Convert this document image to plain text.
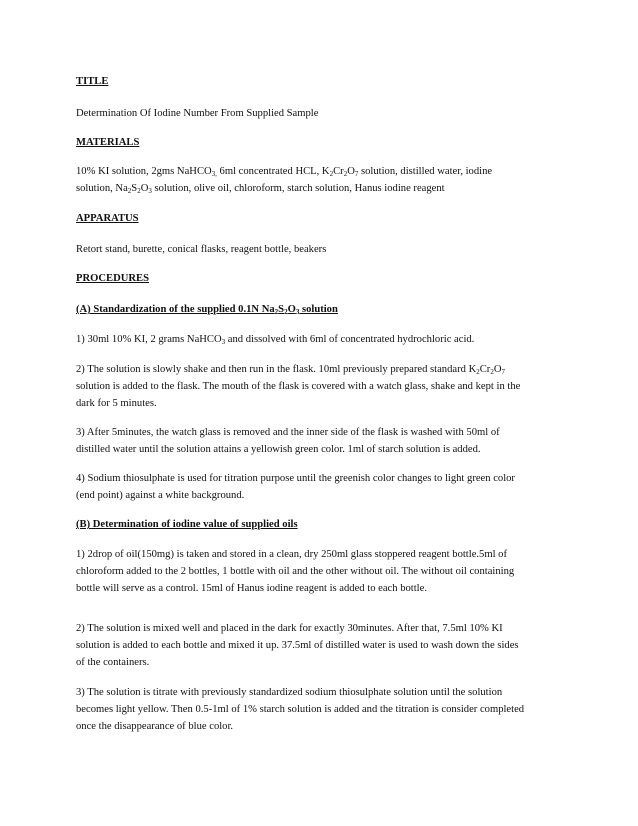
TITLE
Determination Of Iodine Number From Supplied Sample
MATERIALS
10% KI solution, 2gms NaHCO$_{3,}$ 6ml concentrated HCL, $K_2Cr_2O_7$ solution, distilled water, iodine
solution, $Na_2S_2O_3$ solution, olive oil, chloroform, starch solution, Hanus iodine reagent
APPARATUS
Retort stand, burette, conical flasks, reagent bottle, beakers
PROCEDURES
(A) Standardization of the supplied 0.1N $Na_2S_2O_3$ solution
1) 30ml 10% KI, 2 grams NaHCO$_3$ and dissolved with 6ml of concentrated hydrochloric acid.
2) The solution is slowly shake and then run in the flask. 10ml previously prepared standard $K_2Cr_2O_7$
solution is added to the flask. The mouth of the flask is covered with a watch glass, shake and kept in the
dark for 5 minutes.
3) After 5minutes, the watch glass is removed and the inner side of the flask is washed with 50ml of
distilled water until the solution attains a yellowish green color. 1ml of starch solution is added.
4) Sodium thiosulphate is used for titration purpose until the greenish color changes to light green color
(end point) against a white background.
(B) Determination of iodine value of supplied oils
1) 2drop of oil(150mg) is taken and stored in a clean, dry 250ml glass stoppered reagent bottle.5ml of
chloroform added to the 2 bottles, 1 bottle with oil and the other without oil. The without oil containing
bottle will serve as a control. 15ml of Hanus iodine reagent is added to each bottle.
2) The solution is mixed well and placed in the dark for exactly 30minutes. After that, 7.5ml 10% KI
solution is added to each bottle and mixed it up. 37.5ml of distilled water is used to wash down the sides
of the containers.
3) The solution is titrate with previously standardized sodium thiosulphate solution until the solution
becomes light yellow. Then 0.5-1ml of 1% starch solution is added and the titration is consider completed
once the disappearance of blue color.
